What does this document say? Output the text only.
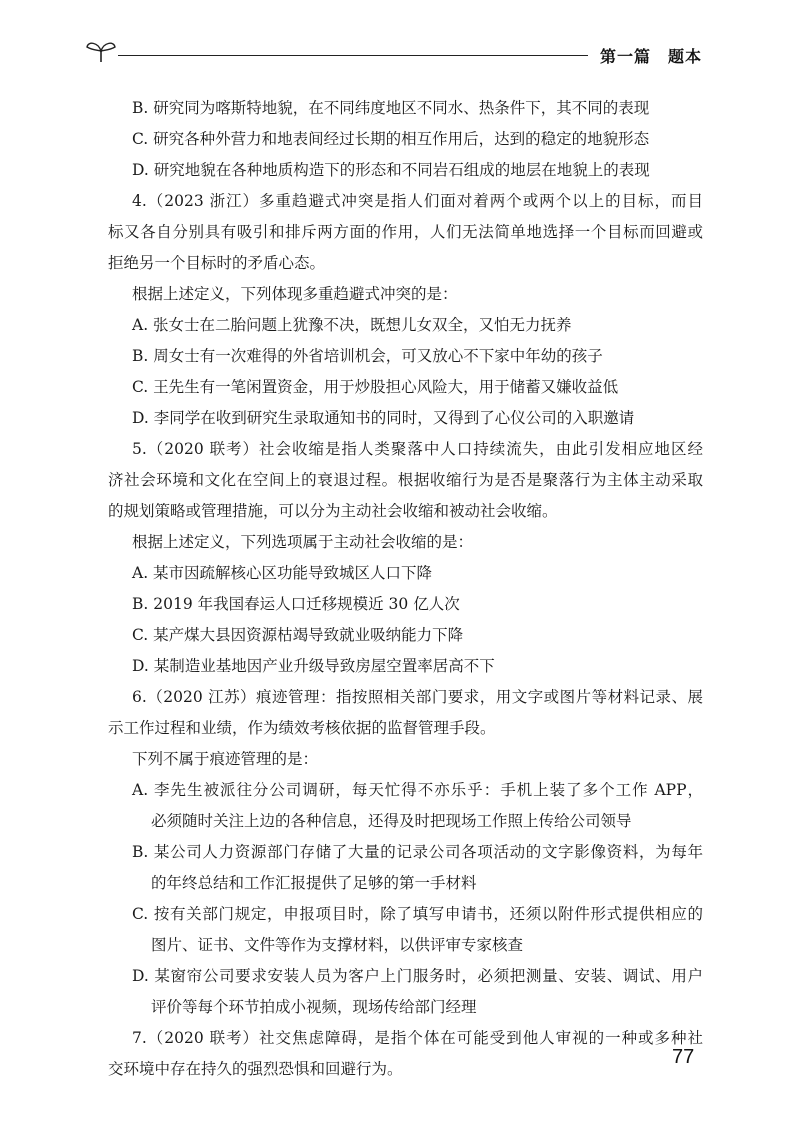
第一篇　题本
B. 研究同为喀斯特地貌，在不同纬度地区不同水、热条件下，其不同的表现
C. 研究各种外营力和地表间经过长期的相互作用后，达到的稳定的地貌形态
D. 研究地貌在各种地质构造下的形态和不同岩石组成的地层在地貌上的表现
4.（2023 浙江）多重趋避式冲突是指人们面对着两个或两个以上的目标，而目
标又各自分别具有吸引和排斥两方面的作用，人们无法简单地选择一个目标而回避或
拒绝另一个目标时的矛盾心态。
根据上述定义，下列体现多重趋避式冲突的是：
A. 张女士在二胎问题上犹豫不决，既想儿女双全，又怕无力抚养
B. 周女士有一次难得的外省培训机会，可又放心不下家中年幼的孩子
C. 王先生有一笔闲置资金，用于炒股担心风险大，用于储蓄又嫌收益低
D. 李同学在收到研究生录取通知书的同时，又得到了心仪公司的入职邀请
5.（2020 联考）社会收缩是指人类聚落中人口持续流失，由此引发相应地区经
济社会环境和文化在空间上的衰退过程。根据收缩行为是否是聚落行为主体主动采取
的规划策略或管理措施，可以分为主动社会收缩和被动社会收缩。
根据上述定义，下列选项属于主动社会收缩的是：
A. 某市因疏解核心区功能导致城区人口下降
B. 2019 年我国春运人口迁移规模近 30 亿人次
C. 某产煤大县因资源枯竭导致就业吸纳能力下降
D. 某制造业基地因产业升级导致房屋空置率居高不下
6.（2020 江苏）痕迹管理：指按照相关部门要求，用文字或图片等材料记录、展
示工作过程和业绩，作为绩效考核依据的监督管理手段。
下列不属于痕迹管理的是：
A. 李先生被派往分公司调研，每天忙得不亦乐乎：手机上装了多个工作 APP，
必须随时关注上边的各种信息，还得及时把现场工作照上传给公司领导
B. 某公司人力资源部门存储了大量的记录公司各项活动的文字影像资料，为每年
的年终总结和工作汇报提供了足够的第一手材料
C. 按有关部门规定，申报项目时，除了填写申请书，还须以附件形式提供相应的
图片、证书、文件等作为支撑材料，以供评审专家核查
D. 某窗帘公司要求安装人员为客户上门服务时，必须把测量、安装、调试、用户
评价等每个环节拍成小视频，现场传给部门经理
7.（2020 联考）社交焦虑障碍，是指个体在可能受到他人审视的一种或多种社
交环境中存在持久的强烈恐惧和回避行为。
77
